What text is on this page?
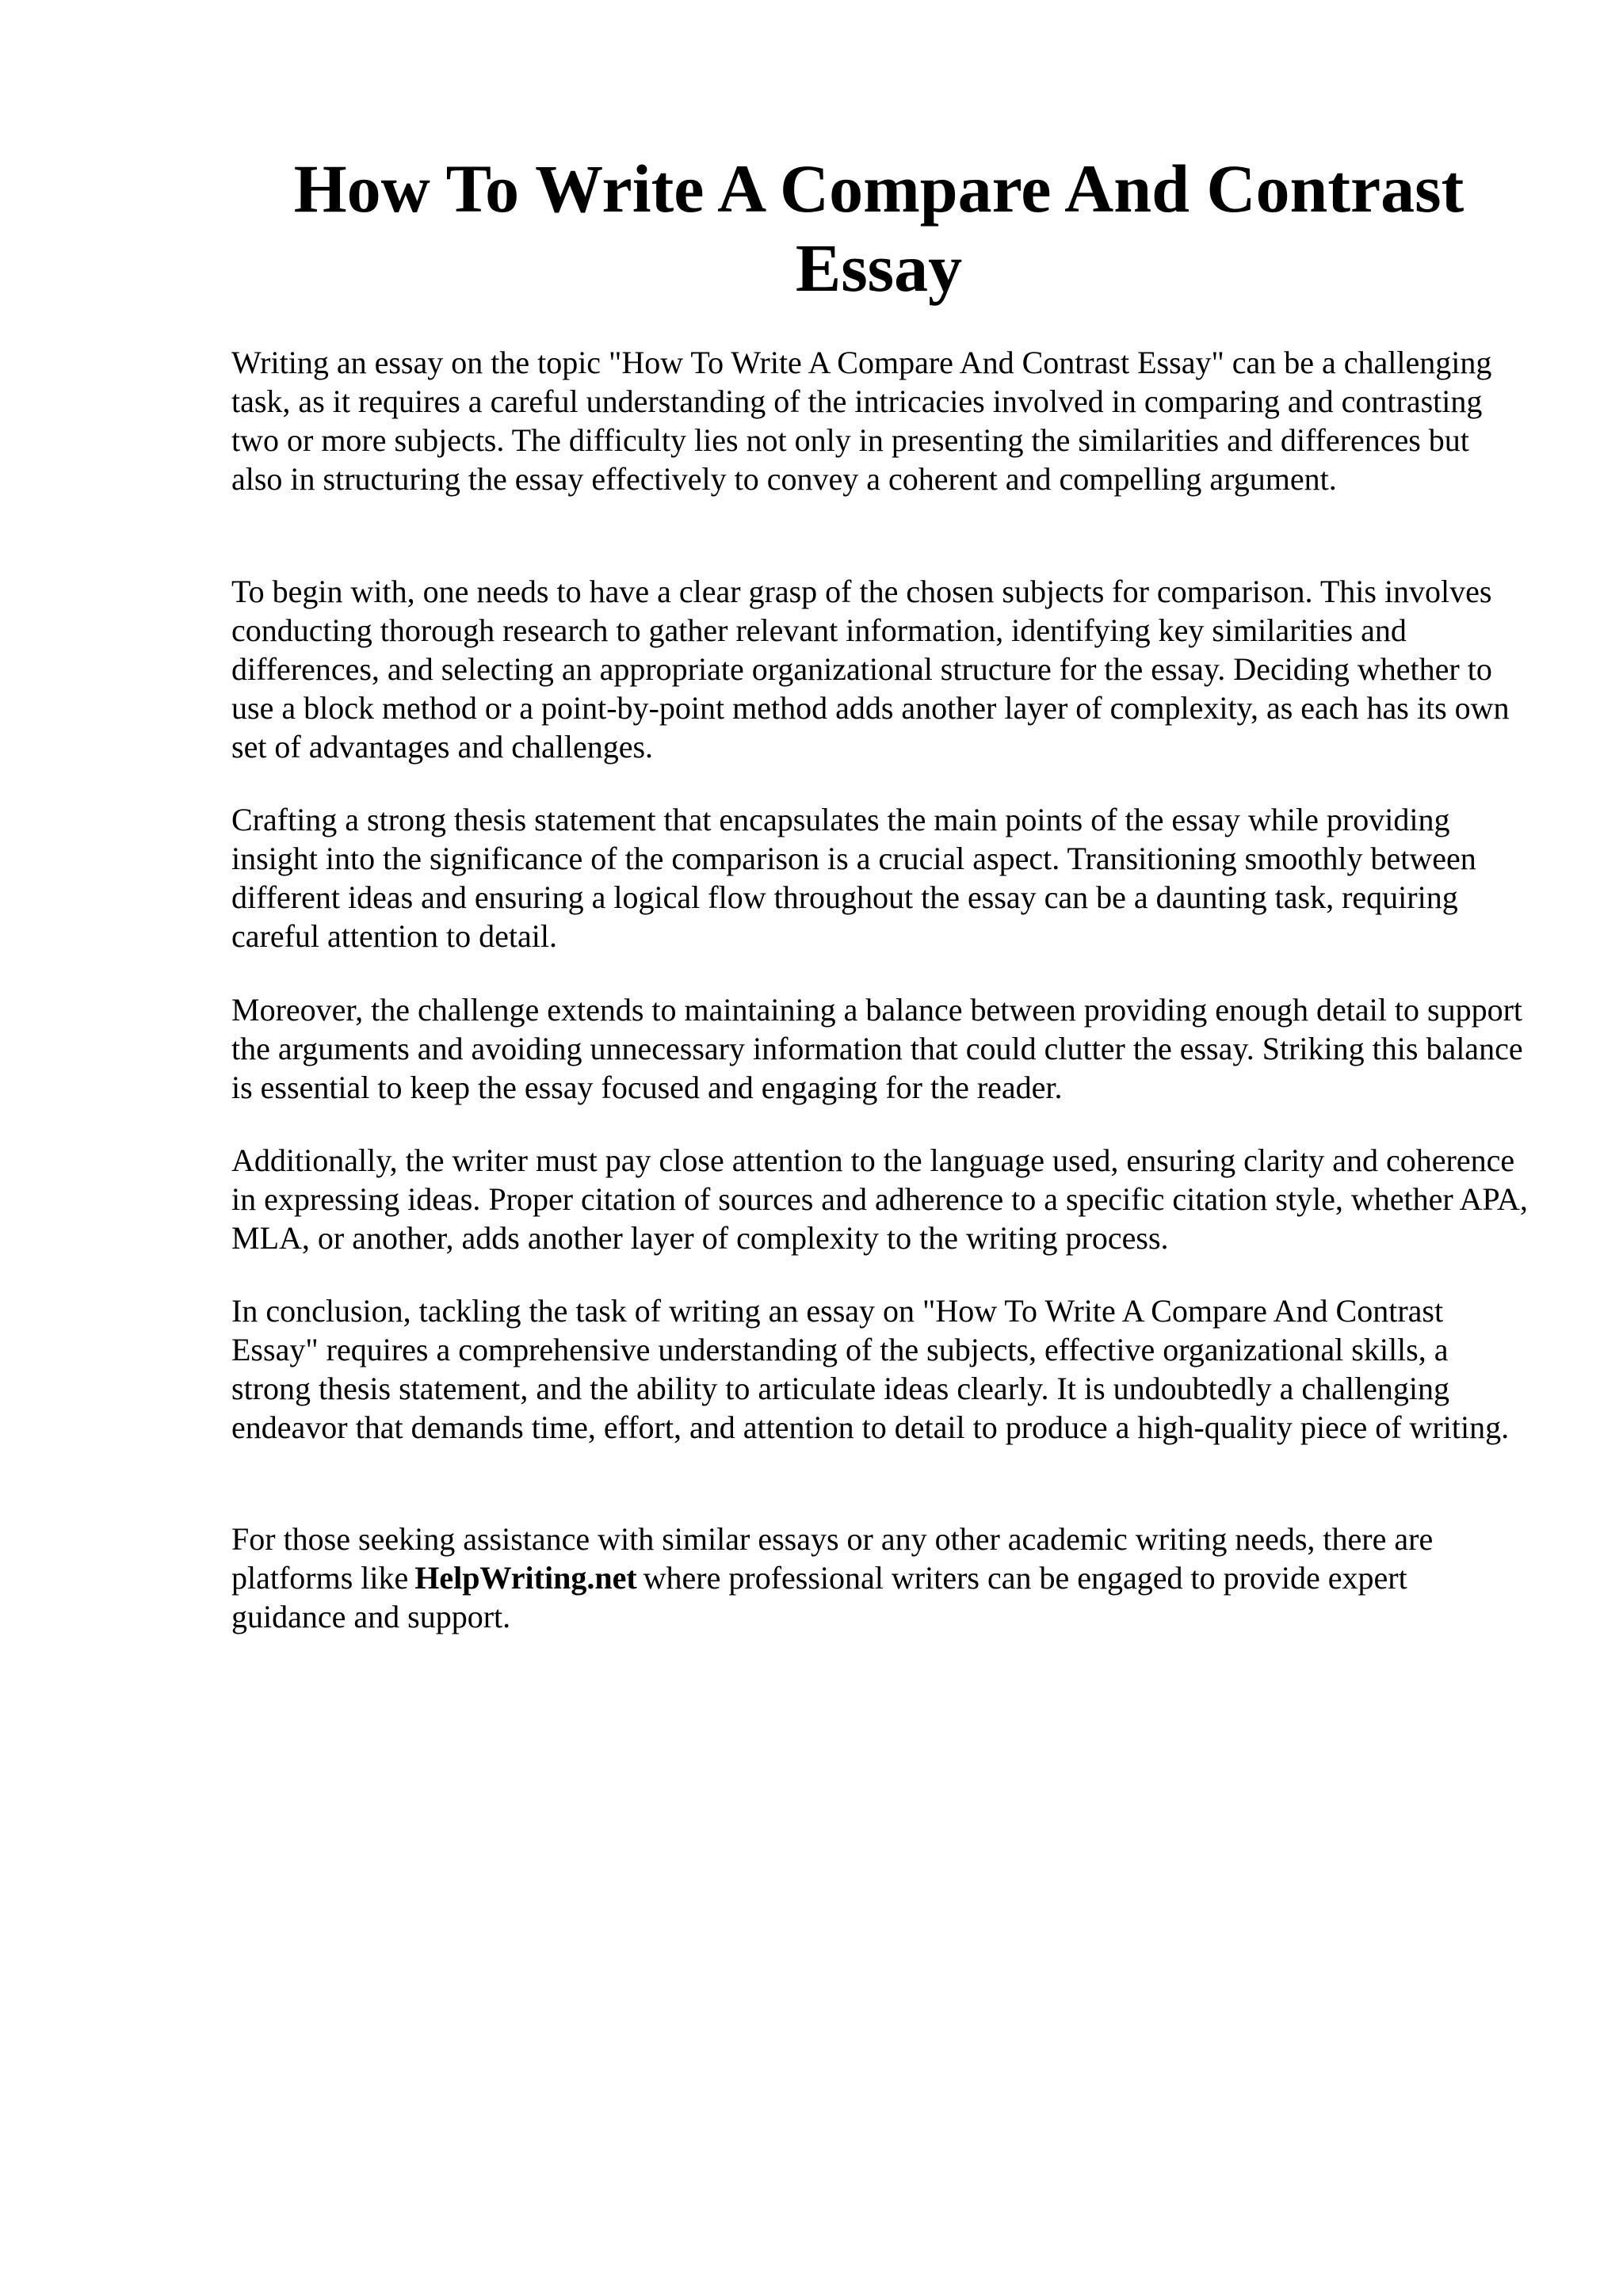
How To Write A Compare And Contrast Essay

Writing an essay on the topic "How To Write A Compare And Contrast Essay" can be a challenging task, as it requires a careful understanding of the intricacies involved in comparing and contrasting two or more subjects. The difficulty lies not only in presenting the similarities and differences but also in structuring the essay effectively to convey a coherent and compelling argument.

To begin with, one needs to have a clear grasp of the chosen subjects for comparison. This involves conducting thorough research to gather relevant information, identifying key similarities and differences, and selecting an appropriate organizational structure for the essay. Deciding whether to use a block method or a point-by-point method adds another layer of complexity, as each has its own set of advantages and challenges.

Crafting a strong thesis statement that encapsulates the main points of the essay while providing insight into the significance of the comparison is a crucial aspect. Transitioning smoothly between different ideas and ensuring a logical flow throughout the essay can be a daunting task, requiring careful attention to detail.

Moreover, the challenge extends to maintaining a balance between providing enough detail to support the arguments and avoiding unnecessary information that could clutter the essay. Striking this balance is essential to keep the essay focused and engaging for the reader.

Additionally, the writer must pay close attention to the language used, ensuring clarity and coherence in expressing ideas. Proper citation of sources and adherence to a specific citation style, whether APA, MLA, or another, adds another layer of complexity to the writing process.

In conclusion, tackling the task of writing an essay on "How To Write A Compare And Contrast Essay" requires a comprehensive understanding of the subjects, effective organizational skills, a strong thesis statement, and the ability to articulate ideas clearly. It is undoubtedly a challenging endeavor that demands time, effort, and attention to detail to produce a high-quality piece of writing.

For those seeking assistance with similar essays or any other academic writing needs, there are platforms like HelpWriting.net where professional writers can be engaged to provide expert guidance and support.
